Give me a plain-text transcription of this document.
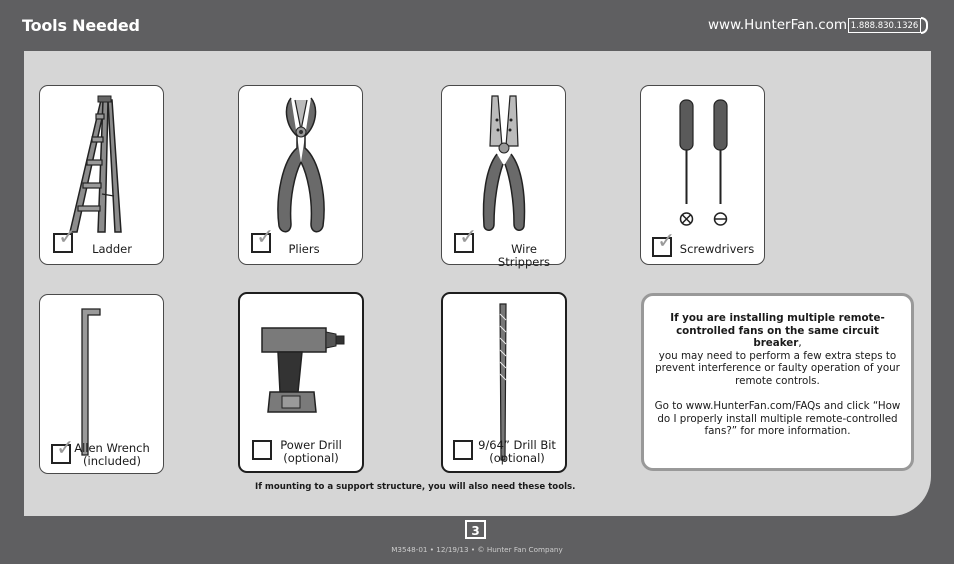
Tools Needed	www.HunterFan.com 1.888.830.1326
✓	Ladder	✓	Pliers	✓	Wire Strippers
✓ Screwdrivers
✓ Allen Wrench
(included)
Power Drill
(optional)
9/64” Drill Bit
(optional)
If mounting to a support structure, you will also need these tools.

If you are installing multiple remote-controlled fans on the same circuit breaker,

you may need to perform a few extra steps to prevent interference or faulty operation of your remote controls.

Go to www.HunterFan.com/FAQs and click “How do I properly install multiple remote-controlled fans?” for more information.

3
M3548-01 • 12/19/13 • © Hunter Fan Company
